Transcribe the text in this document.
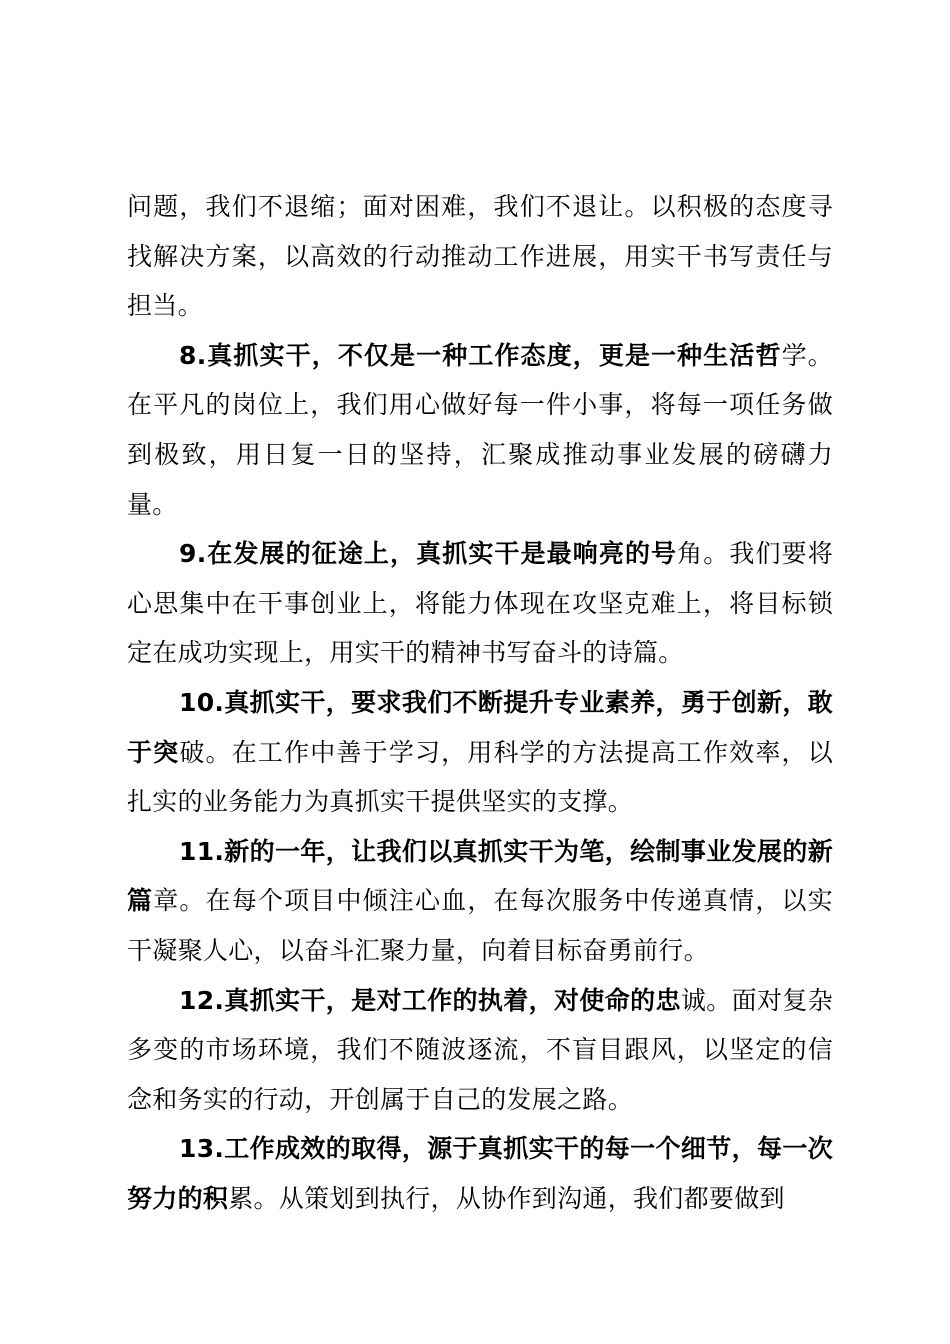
问题，我们不退缩；面对困难，我们不退让。以积极的态度寻找解决方案，以高效的行动推动工作进展，用实干书写责任与担当。

8.真抓实干，不仅是一种工作态度，更是一种生活哲学。在平凡的岗位上，我们用心做好每一件小事，将每一项任务做到极致，用日复一日的坚持，汇聚成推动事业发展的磅礴力量。

9.在发展的征途上，真抓实干是最响亮的号角。我们要将心思集中在干事创业上，将能力体现在攻坚克难上，将目标锁定在成功实现上，用实干的精神书写奋斗的诗篇。

10.真抓实干，要求我们不断提升专业素养，勇于创新，敢于突破。在工作中善于学习，用科学的方法提高工作效率，以扎实的业务能力为真抓实干提供坚实的支撑。

11.新的一年，让我们以真抓实干为笔，绘制事业发展的新篇章。在每个项目中倾注心血，在每次服务中传递真情，以实干凝聚人心，以奋斗汇聚力量，向着目标奋勇前行。

12.真抓实干，是对工作的执着，对使命的忠诚。面对复杂多变的市场环境，我们不随波逐流，不盲目跟风，以坚定的信念和务实的行动，开创属于自己的发展之路。

13.工作成效的取得，源于真抓实干的每一个细节，每一次努力的积累。从策划到执行，从协作到沟通，我们都要做到
